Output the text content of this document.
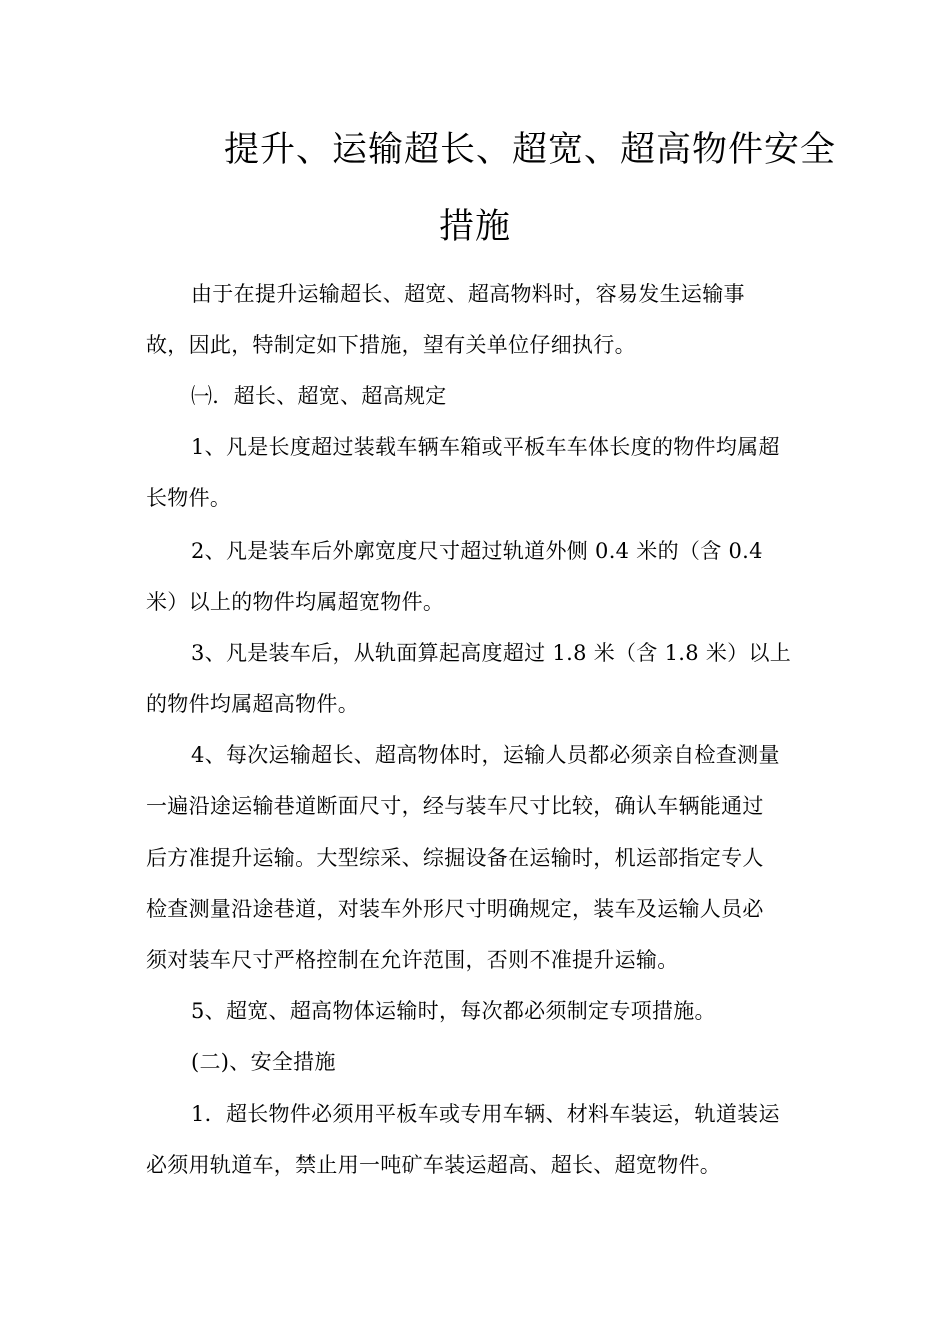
提升、运输超长、超宽、超高物件安全
措施
由于在提升运输超长、超宽、超高物料时，容易发生运输事
故，因此，特制定如下措施，望有关单位仔细执行。
㈠．超长、超宽、超高规定
1、凡是长度超过装载车辆车箱或平板车车体长度的物件均属超
长物件。
2、凡是装车后外廓宽度尺寸超过轨道外侧 0.4 米的（含 0.4
米）以上的物件均属超宽物件。
3、凡是装车后，从轨面算起高度超过 1.8 米（含 1.8 米）以上
的物件均属超高物件。
4、每次运输超长、超高物体时，运输人员都必须亲自检查测量
一遍沿途运输巷道断面尺寸，经与装车尺寸比较，确认车辆能通过
后方准提升运输。大型综采、综掘设备在运输时，机运部指定专人
检查测量沿途巷道，对装车外形尺寸明确规定，装车及运输人员必
须对装车尺寸严格控制在允许范围，否则不准提升运输。
5、超宽、超高物体运输时，每次都必须制定专项措施。
(二)、安全措施
1．超长物件必须用平板车或专用车辆、材料车装运，轨道装运
必须用轨道车，禁止用一吨矿车装运超高、超长、超宽物件。
